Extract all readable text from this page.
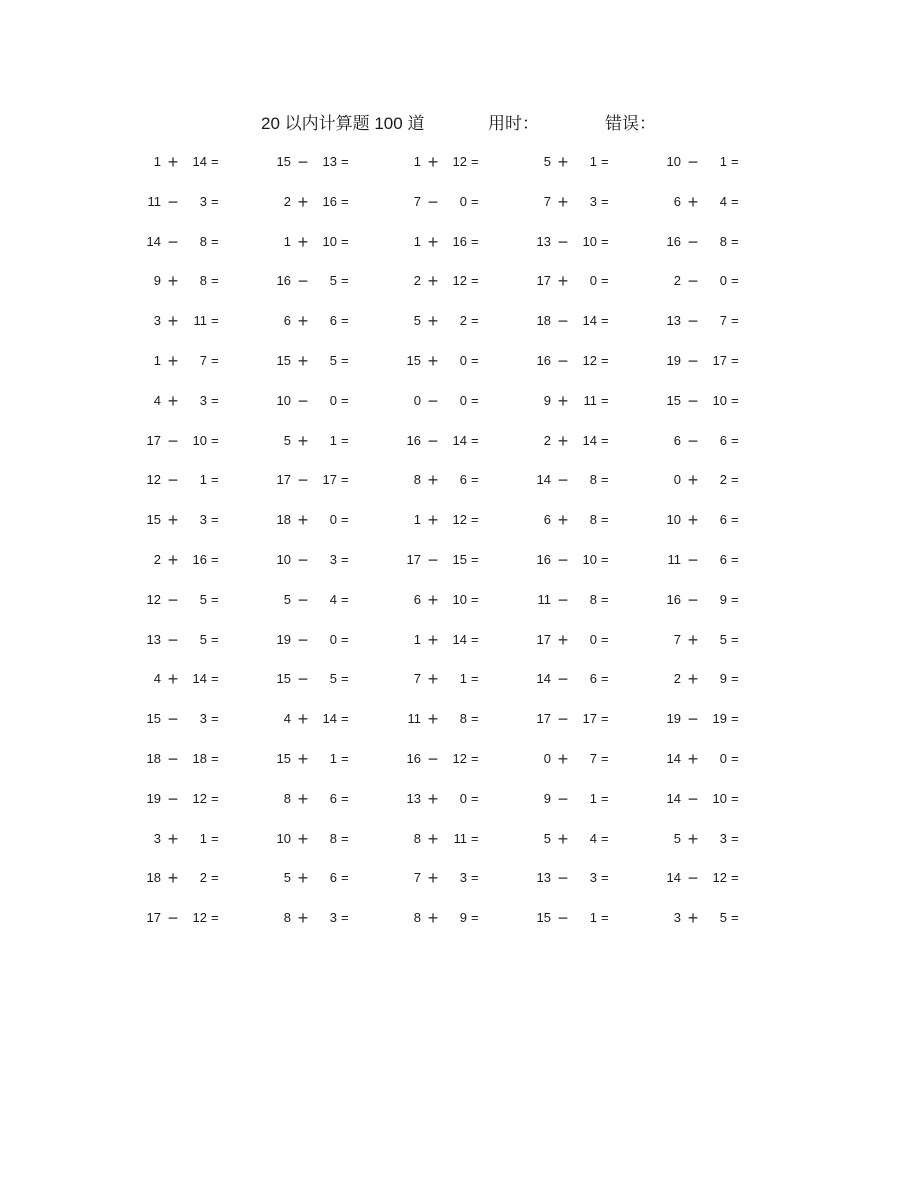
20 以内计算题 100 道	用时：	错误：
1 +	14 =	15 −	13 =	1 +	12 =	5 +	1 =	10 −	1 =
11 −	3 =	2 +	16 =	7 −	0 =	7 +	3 =	6 +	4 =
14 −	8 =	1 +	10 =	1 +	16 =	13 −	10 =	16 −	8 =
9 +	8 =	16 −	5 =	2 +	12 =	17 +	0 =	2 −	0 =
3 +	11 =	6 +	6 =	5 +	2 =	18 −	14 =	13 −	7 =
1 +	7 =	15 +	5 =	15 +	0 =	16 −	12 =	19 −	17 =
4 +	3 =	10 −	0 =	0 −	0 =	9 +	11 =	15 −	10 =
17 −	10 =	5 +	1 =	16 −	14 =	2 +	14 =	6 −	6 =
12 −	1 =	17 −	17 =	8 +	6 =	14 −	8 =	0 +	2 =
15 +	3 =	18 +	0 =	1 +	12 =	6 +	8 =	10 +	6 =
2 +	16 =	10 −	3 =	17 −	15 =	16 −	10 =	11 −	6 =
12 −	5 =	5 −	4 =	6 +	10 =	11 −	8 =	16 −	9 =
13 −	5 =	19 −	0 =	1 +	14 =	17 +	0 =	7 +	5 =
4 +	14 =	15 −	5 =	7 +	1 =	14 −	6 =	2 +	9 =
15 −	3 =	4 +	14 =	11 +	8 =	17 −	17 =	19 −	19 =
18 −	18 =	15 +	1 =	16 −	12 =	0 +	7 =	14 +	0 =
19 −	12 =	8 +	6 =	13 +	0 =	9 −	1 =	14 −	10 =
3 +	1 =	10 +	8 =	8 +	11 =	5 +	4 =	5 +	3 =
18 +	2 =	5 +	6 =	7 +	3 =	13 −	3 =	14 −	12 =
17 −	12 =	8 +	3 =	8 +	9 =	15 −	1 =	3 +	5 =
